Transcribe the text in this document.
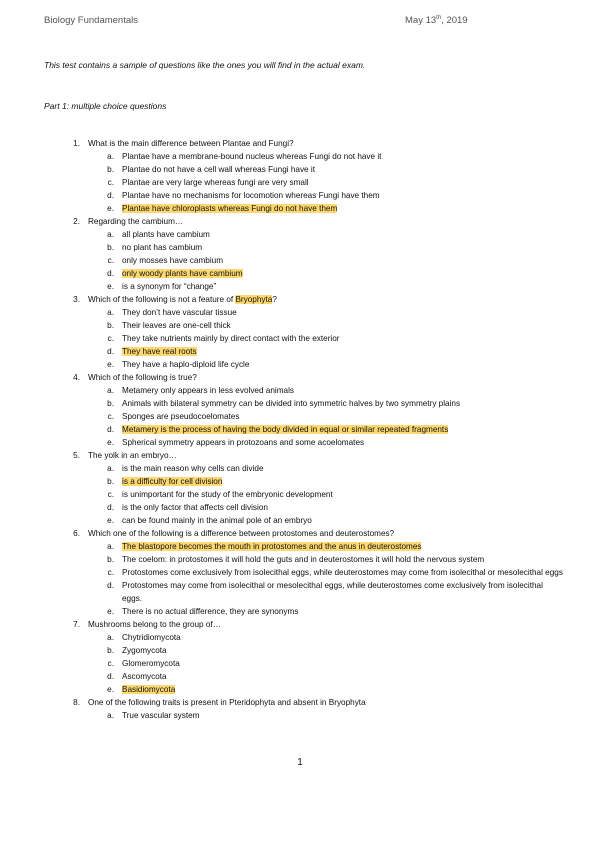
Biology Fundamentals	May 13th, 2019
This test contains a sample of questions like the ones you will find in the actual exam.
Part 1: multiple choice questions
1. What is the main difference between Plantae and Fungi?
a. Plantae have a membrane-bound nucleus whereas Fungi do not have it
b. Plantae do not have a cell wall whereas Fungi have it
c. Plantae are very large whereas fungi are very small
d. Plantae have no mechanisms for locomotion whereas Fungi have them
e. Plantae have chloroplasts whereas Fungi do not have them
2. Regarding the cambium…
a. all plants have cambium
b. no plant has cambium
c. only mosses have cambium
d. only woody plants have cambium
e. is a synonym for “change”
3. Which of the following is not a feature of Bryophyta?
a. They don’t have vascular tissue
b. Their leaves are one-cell thick
c. They take nutrients mainly by direct contact with the exterior
d. They have real roots
e. They have a haplo-diploid life cycle
4. Which of the following is true?
a. Metamery only appears in less evolved animals
b. Animals with bilateral symmetry can be divided into symmetric halves by two symmetry plains
c. Sponges are pseudocoelomates
d. Metamery is the process of having the body divided in equal or similar repeated fragments
e. Spherical symmetry appears in protozoans and some acoelomates
5. The yolk in an embryo…
a. is the main reason why cells can divide
b. is a difficulty for cell division
c. is unimportant for the study of the embryonic development
d. is the only factor that affects cell division
e. can be found mainly in the animal pole of an embryo
6. Which one of the following is a difference between protostomes and deuterostomes?
a. The blastopore becomes the mouth in protostomes and the anus in deuterostomes
b. The coelom: in protostomes it will hold the guts and in deuterostomes it will hold the nervous system
c. Protostomes come exclusively from isolecithal eggs, while deuterostomes may come from isolecithal or mesolecithal eggs
d. Protostomes may come from isolecithal or mesolecithal eggs, while deuterostomes come exclusively from isolecithal eggs.
e. There is no actual difference, they are synonyms
7. Mushrooms belong to the group of…
a. Chytridiomycota
b. Zygomycota
c. Glomeromycota
d. Ascomycota
e. Basidiomycota
8. One of the following traits is present in Pteridophyta and absent in Bryophyta
a. True vascular system
1
